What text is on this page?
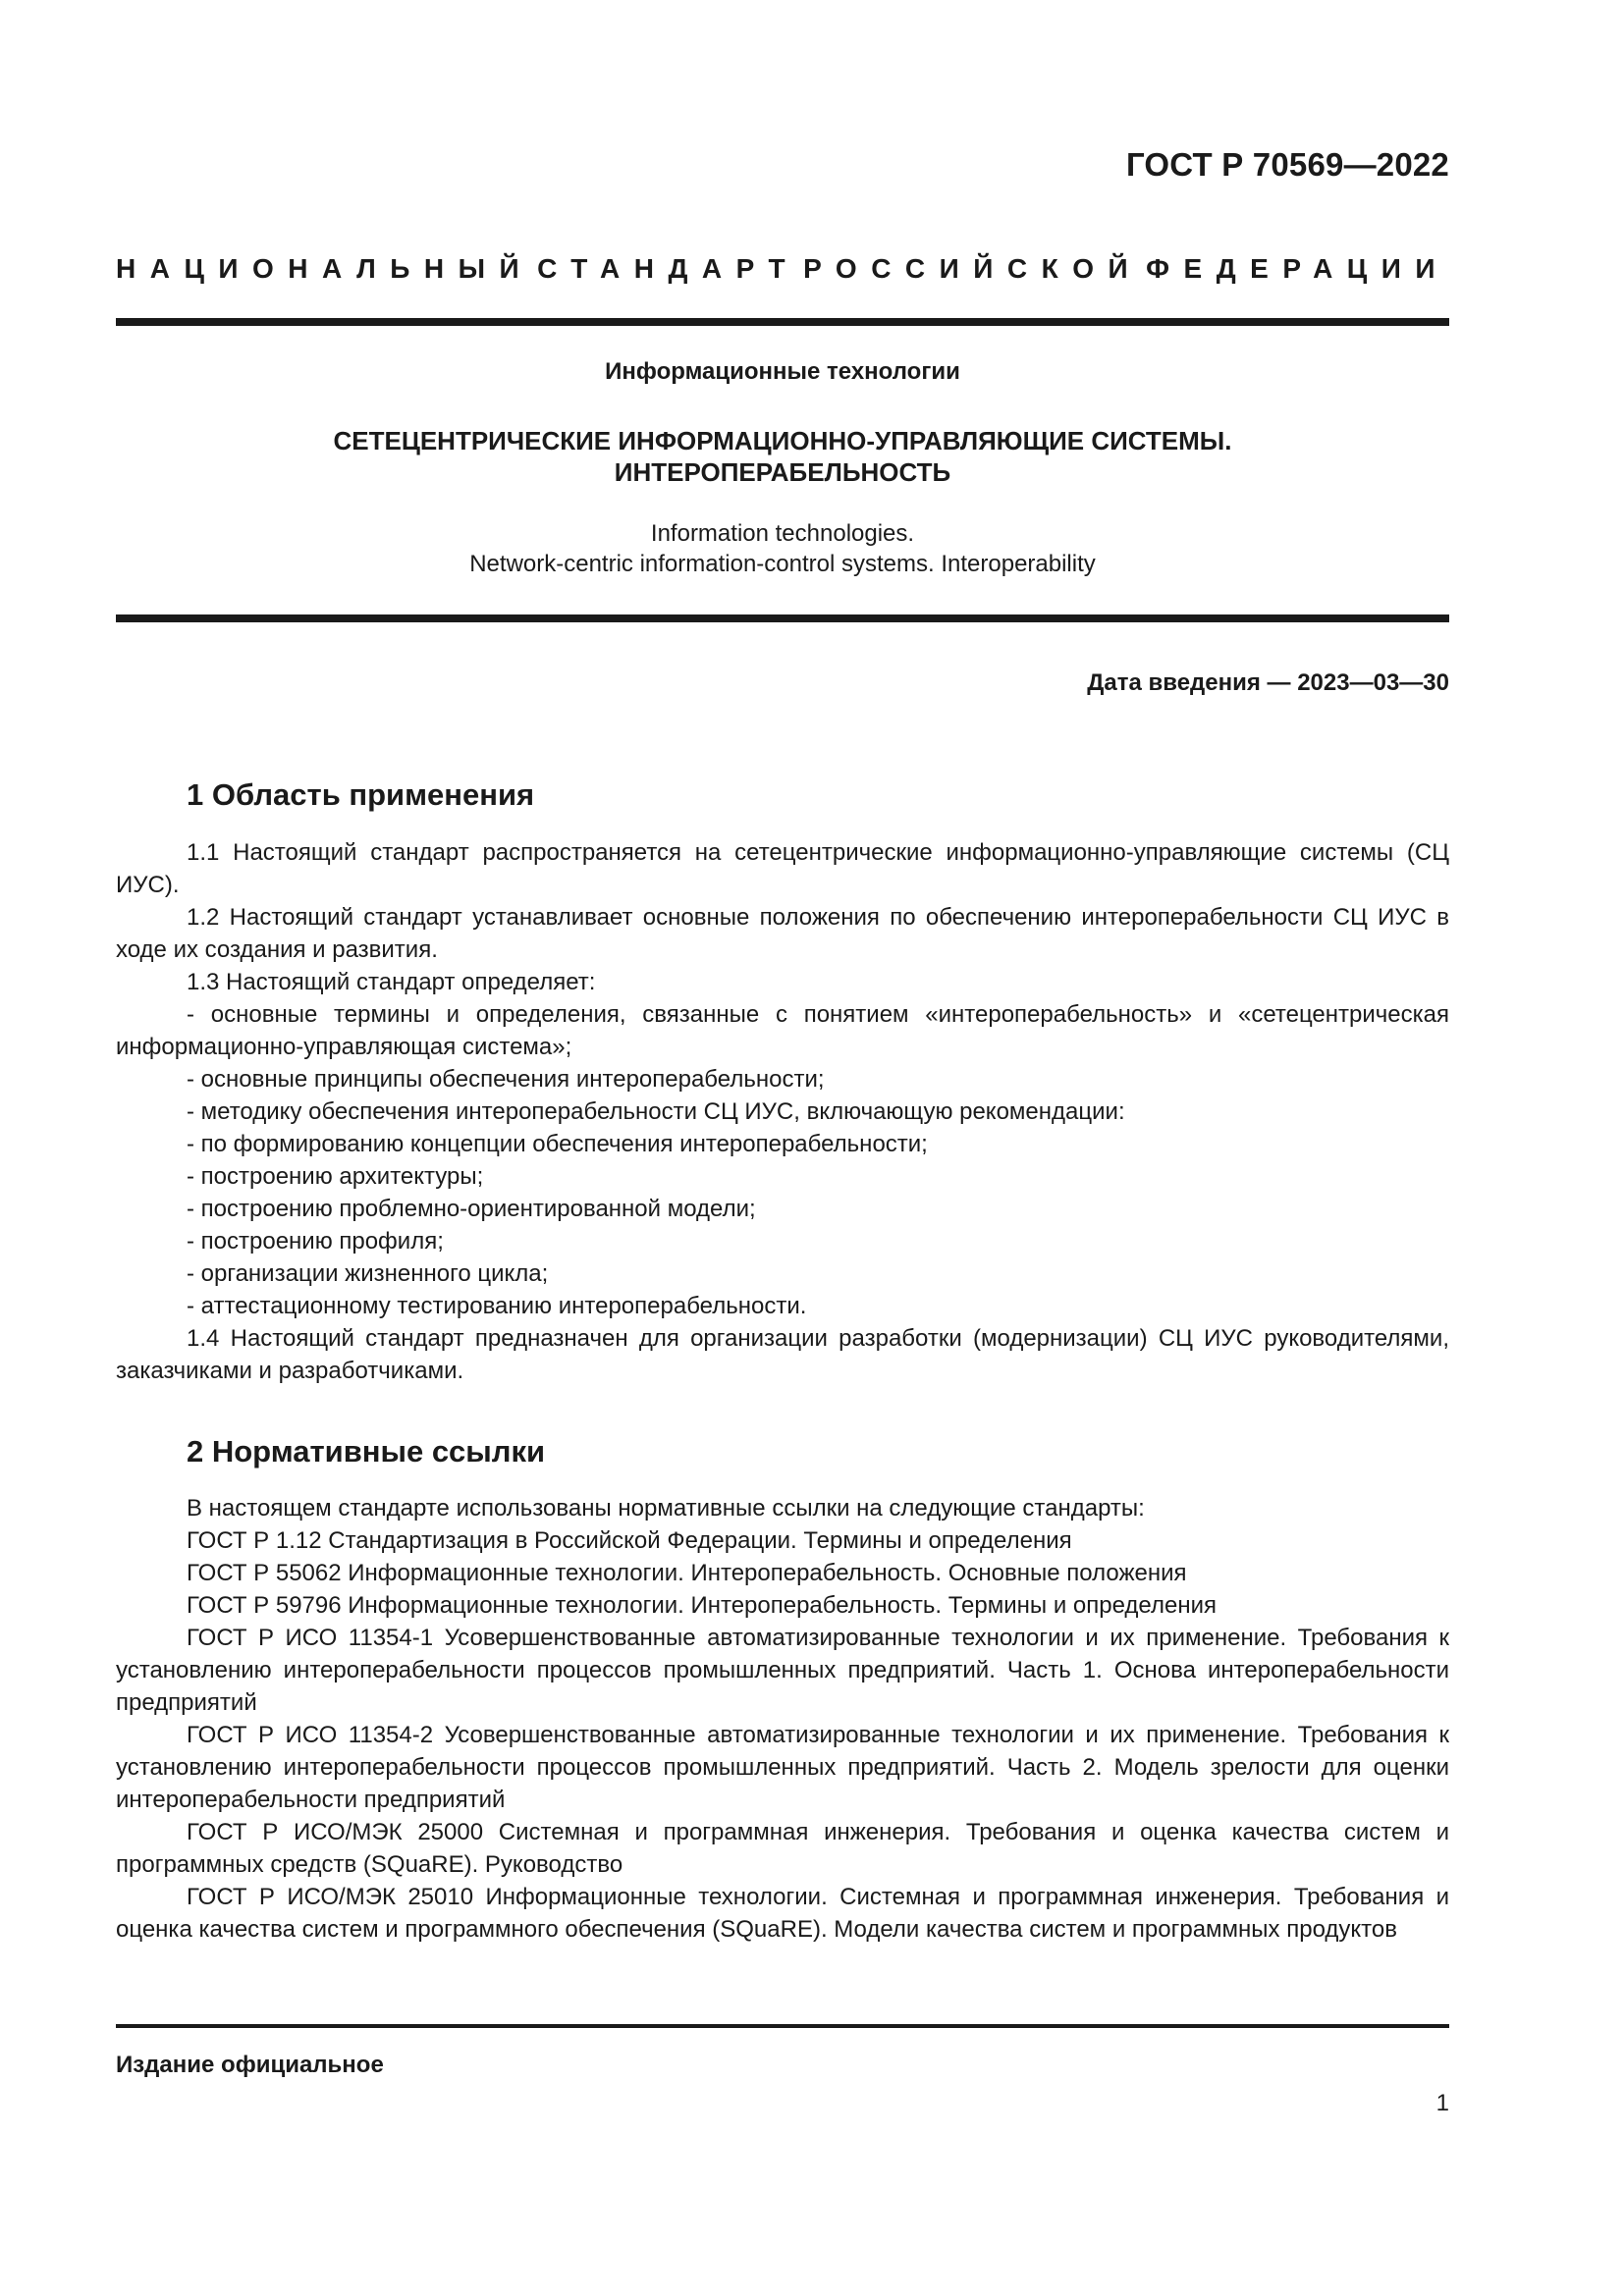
ГОСТ Р 70569—2022
НАЦИОНАЛЬНЫЙ СТАНДАРТ РОССИЙСКОЙ ФЕДЕРАЦИИ
Информационные технологии
СЕТЕЦЕНТРИЧЕСКИЕ ИНФОРМАЦИОННО-УПРАВЛЯЮЩИЕ СИСТЕМЫ.
ИНТЕРОПЕРАБЕЛЬНОСТЬ
Information technologies.
Network-centric information-control systems. Interoperability
Дата введения — 2023—03—30
1 Область применения

1.1 Настоящий стандарт распространяется на сетецентрические информационно-управляющие системы (СЦ ИУС).

1.2 Настоящий стандарт устанавливает основные положения по обеспечению интероперабельности СЦ ИУС в ходе их создания и развития.

1.3 Настоящий стандарт определяет:

- основные термины и определения, связанные с понятием «интероперабельность» и «сетецентрическая информационно-управляющая система»;

- основные принципы обеспечения интероперабельности;

- методику обеспечения интероперабельности СЦ ИУС, включающую рекомендации:

- по формированию концепции обеспечения интероперабельности;

- построению архитектуры;

- построению проблемно-ориентированной модели;

- построению профиля;

- организации жизненного цикла;

- аттестационному тестированию интероперабельности.

1.4 Настоящий стандарт предназначен для организации разработки (модернизации) СЦ ИУС руководителями, заказчиками и разработчиками.

2 Нормативные ссылки

В настоящем стандарте использованы нормативные ссылки на следующие стандарты:

ГОСТ Р 1.12 Стандартизация в Российской Федерации. Термины и определения

ГОСТ Р 55062 Информационные технологии. Интероперабельность. Основные положения

ГОСТ Р 59796 Информационные технологии. Интероперабельность. Термины и определения

ГОСТ Р ИСО 11354-1 Усовершенствованные автоматизированные технологии и их применение. Требования к установлению интероперабельности процессов промышленных предприятий. Часть 1. Основа интероперабельности предприятий

ГОСТ Р ИСО 11354-2 Усовершенствованные автоматизированные технологии и их применение. Требования к установлению интероперабельности процессов промышленных предприятий. Часть 2. Модель зрелости для оценки интероперабельности предприятий

ГОСТ Р ИСО/МЭК 25000 Системная и программная инженерия. Требования и оценка качества систем и программных средств (SQuaRE). Руководство

ГОСТ Р ИСО/МЭК 25010 Информационные технологии. Системная и программная инженерия. Требования и оценка качества систем и программного обеспечения (SQuaRE). Модели качества систем и программных продуктов

Издание официальное
1
